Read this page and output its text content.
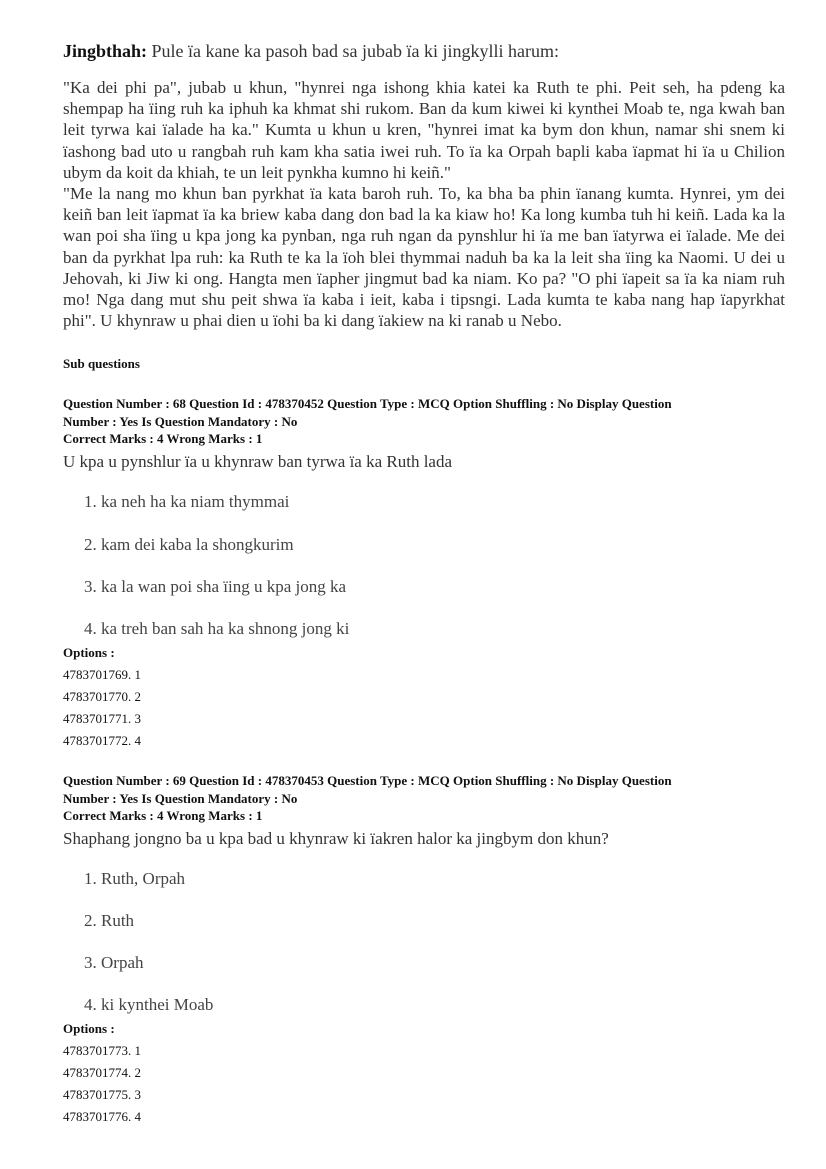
Jingbthah: Pule ïa kane ka pasoh bad sa jubab ïa ki jingkylli harum:

"Ka dei phi pa", jubab u khun, "hynrei nga ishong khia katei ka Ruth te phi. Peit seh, ha pdeng ka shempap ha ïing ruh ka iphuh ka khmat shi rukom. Ban da kum kiwei ki kynthei Moab te, nga kwah ban leit tyrwa kai ïalade ha ka." Kumta u khun u kren, "hynrei imat ka bym don khun, namar shi snem ki ïashong bad uto u rangbah ruh kam kha satia iwei ruh. To ïa ka Orpah bapli kaba ïapmat hi ïa u Chilion ubym da koit da khiah, te un leit pynkha kumno hi keiñ."

"Me la nang mo khun ban pyrkhat ïa kata baroh ruh. To, ka bha ba phin ïanang kumta. Hynrei, ym dei keiñ ban leit ïapmat ïa ka briew kaba dang don bad la ka kiaw ho! Ka long kumba tuh hi keiñ. Lada ka la wan poi sha ïing u kpa jong ka pynban, nga ruh ngan da pynshlur hi ïa me ban ïatyrwa ei ïalade. Me dei ban da pyrkhat lpa ruh: ka Ruth te ka la ïoh blei thymmai naduh ba ka la leit sha ïing ka Naomi. U dei u Jehovah, ki Jiw ki ong. Hangta men ïapher jingmut bad ka niam. Ko pa? "O phi ïapeit sa ïa ka niam ruh mo! Nga dang mut shu peit shwa ïa kaba i ieit, kaba i tipsngi. Lada kumta te kaba nang hap ïapyrkhat phi". U khynraw u phai dien u ïohi ba ki dang ïakiew na ki ranab u Nebo.

Sub questions
Question Number : 68 Question Id : 478370452 Question Type : MCQ Option Shuffling : No Display Question
Number : Yes Is Question Mandatory : No
Correct Marks : 4 Wrong Marks : 1
U kpa u pynshlur ïa u khynraw ban tyrwa ïa ka Ruth lada
1. ka neh ha ka niam thymmai
2. kam dei kaba la shongkurim
3. ka la wan poi sha ïing u kpa jong ka
4. ka treh ban sah ha ka shnong jong ki
Options :
4783701769. 1
4783701770. 2
4783701771. 3
4783701772. 4
Question Number : 69 Question Id : 478370453 Question Type : MCQ Option Shuffling : No Display Question
Number : Yes Is Question Mandatory : No
Correct Marks : 4 Wrong Marks : 1
Shaphang jongno ba u kpa bad u khynraw ki ïakren halor ka jingbym don khun?
1. Ruth, Orpah
2. Ruth
3. Orpah
4. ki kynthei Moab
Options :
4783701773. 1
4783701774. 2
4783701775. 3
4783701776. 4
